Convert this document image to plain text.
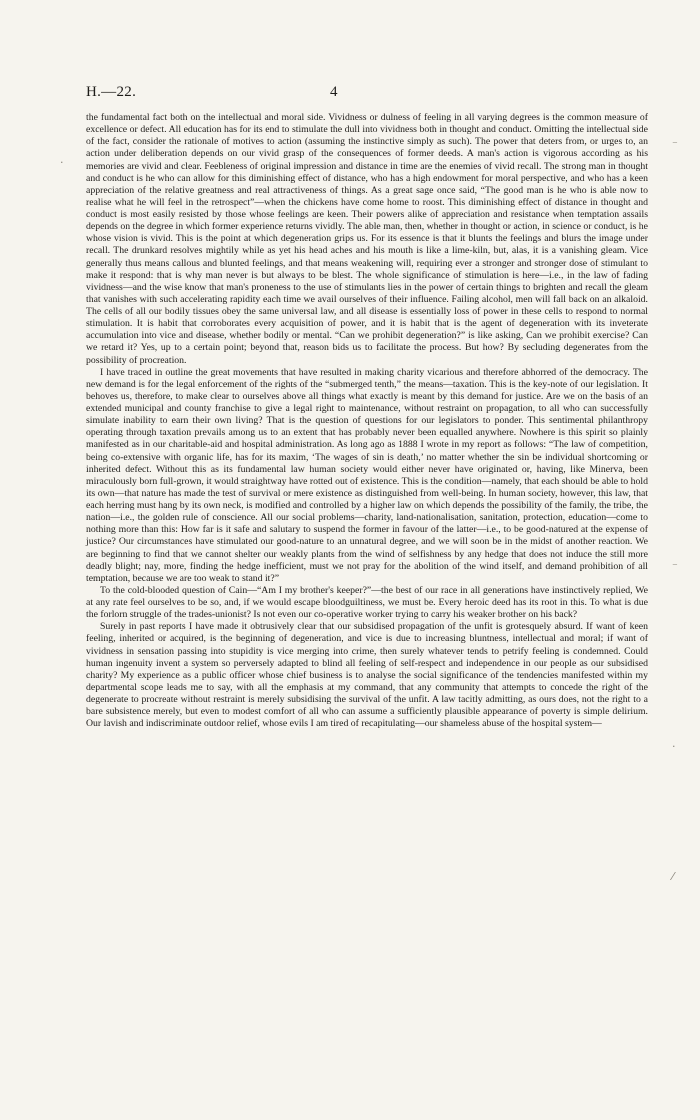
H.—22.	4

the fundamental fact both on the intellectual and moral side. Vividness or dulness of feeling in all varying degrees is the common measure of excellence or defect. All education has for its end to stimulate the dull into vividness both in thought and conduct. Omitting the intellectual side of the fact, consider the rationale of motives to action (assuming the instinctive simply as such). The power that deters from, or urges to, an action under deliberation depends on our vivid grasp of the consequences of former deeds. A man's action is vigorous according as his memories are vivid and clear. Feebleness of original impression and distance in time are the enemies of vivid recall. The strong man in thought and conduct is he who can allow for this diminishing effect of distance, who has a high endowment for moral perspective, and who has a keen appreciation of the relative greatness and real attractiveness of things. As a great sage once said, “The good man is he who is able now to realise what he will feel in the retrospect”—when the chickens have come home to roost. This diminishing effect of distance in thought and conduct is most easily resisted by those whose feelings are keen. Their powers alike of appreciation and resistance when temptation assails depends on the degree in which former experience returns vividly. The able man, then, whether in thought or action, in science or conduct, is he whose vision is vivid. This is the point at which degeneration grips us. For its essence is that it blunts the feelings and blurs the image under recall. The drunkard resolves mightily while as yet his head aches and his mouth is like a lime-kiln, but, alas, it is a vanishing gleam. Vice generally thus means callous and blunted feelings, and that means weakening will, requiring ever a stronger and stronger dose of stimulant to make it respond: that is why man never is but always to be blest. The whole significance of stimulation is here—i.e., in the law of fading vividness—and the wise know that man's proneness to the use of stimulants lies in the power of certain things to brighten and recall the gleam that vanishes with such accelerating rapidity each time we avail ourselves of their influence. Failing alcohol, men will fall back on an alkaloid. The cells of all our bodily tissues obey the same universal law, and all disease is essentially loss of power in these cells to respond to normal stimulation. It is habit that corroborates every acquisition of power, and it is habit that is the agent of degeneration with its inveterate accumulation into vice and disease, whether bodily or mental. “Can we prohibit degeneration?” is like asking, Can we prohibit exercise? Can we retard it? Yes, up to a certain point; beyond that, reason bids us to facilitate the process. But how? By secluding degenerates from the possibility of procreation.

I have traced in outline the great movements that have resulted in making charity vicarious and therefore abhorred of the democracy. The new demand is for the legal enforcement of the rights of the “submerged tenth,” the means—taxation. This is the key-note of our legislation. It behoves us, therefore, to make clear to ourselves above all things what exactly is meant by this demand for justice. Are we on the basis of an extended municipal and county franchise to give a legal right to maintenance, without restraint on propagation, to all who can successfully simulate inability to earn their own living? That is the question of questions for our legislators to ponder. This sentimental philanthropy operating through taxation prevails among us to an extent that has probably never been equalled anywhere. Nowhere is this spirit so plainly manifested as in our charitable-aid and hospital administration. As long ago as 1888 I wrote in my report as follows: “The law of competition, being co-extensive with organic life, has for its maxim, ‘The wages of sin is death,’ no matter whether the sin be individual shortcoming or inherited defect. Without this as its fundamental law human society would either never have originated or, having, like Minerva, been miraculously born full-grown, it would straightway have rotted out of existence. This is the condition—namely, that each should be able to hold its own—that nature has made the test of survival or mere existence as distinguished from well-being. In human society, however, this law, that each herring must hang by its own neck, is modified and controlled by a higher law on which depends the possibility of the family, the tribe, the nation—i.e., the golden rule of conscience. All our social problems—charity, land-nationalisation, sanitation, protection, education—come to nothing more than this: How far is it safe and salutary to suspend the former in favour of the latter—i.e., to be good-natured at the expense of justice? Our circumstances have stimulated our good-nature to an unnatural degree, and we will soon be in the midst of another reaction. We are beginning to find that we cannot shelter our weakly plants from the wind of selfishness by any hedge that does not induce the still more deadly blight; nay, more, finding the hedge inefficient, must we not pray for the abolition of the wind itself, and demand prohibition of all temptation, because we are too weak to stand it?”

To the cold-blooded question of Cain—“Am I my brother's keeper?”—the best of our race in all generations have instinctively replied, We at any rate feel ourselves to be so, and, if we would escape bloodguiltiness, we must be. Every heroic deed has its root in this. To what is due the forlorn struggle of the trades-unionist? Is not even our co-operative worker trying to carry his weaker brother on his back?

Surely in past reports I have made it obtrusively clear that our subsidised propagation of the unfit is grotesquely absurd. If want of keen feeling, inherited or acquired, is the beginning of degeneration, and vice is due to increasing bluntness, intellectual and moral; if want of vividness in sensation passing into stupidity is vice merging into crime, then surely whatever tends to petrify feeling is condemned. Could human ingenuity invent a system so perversely adapted to blind all feeling of self-respect and independence in our people as our subsidised charity? My experience as a public officer whose chief business is to analyse the social significance of the tendencies manifested within my departmental scope leads me to say, with all the emphasis at my command, that any community that attempts to concede the right of the degenerate to procreate without restraint is merely subsidising the survival of the unfit. A law tacitly admitting, as ours does, not the right to a bare subsistence merely, but even to modest comfort of all who can assume a sufficiently plausible appearance of poverty is simple delirium. Our lavish and indiscriminate outdoor relief, whose evils I am tired of recapitulating—our shameless abuse of the hospital system—

⁻
·
⁻
·
⁄
